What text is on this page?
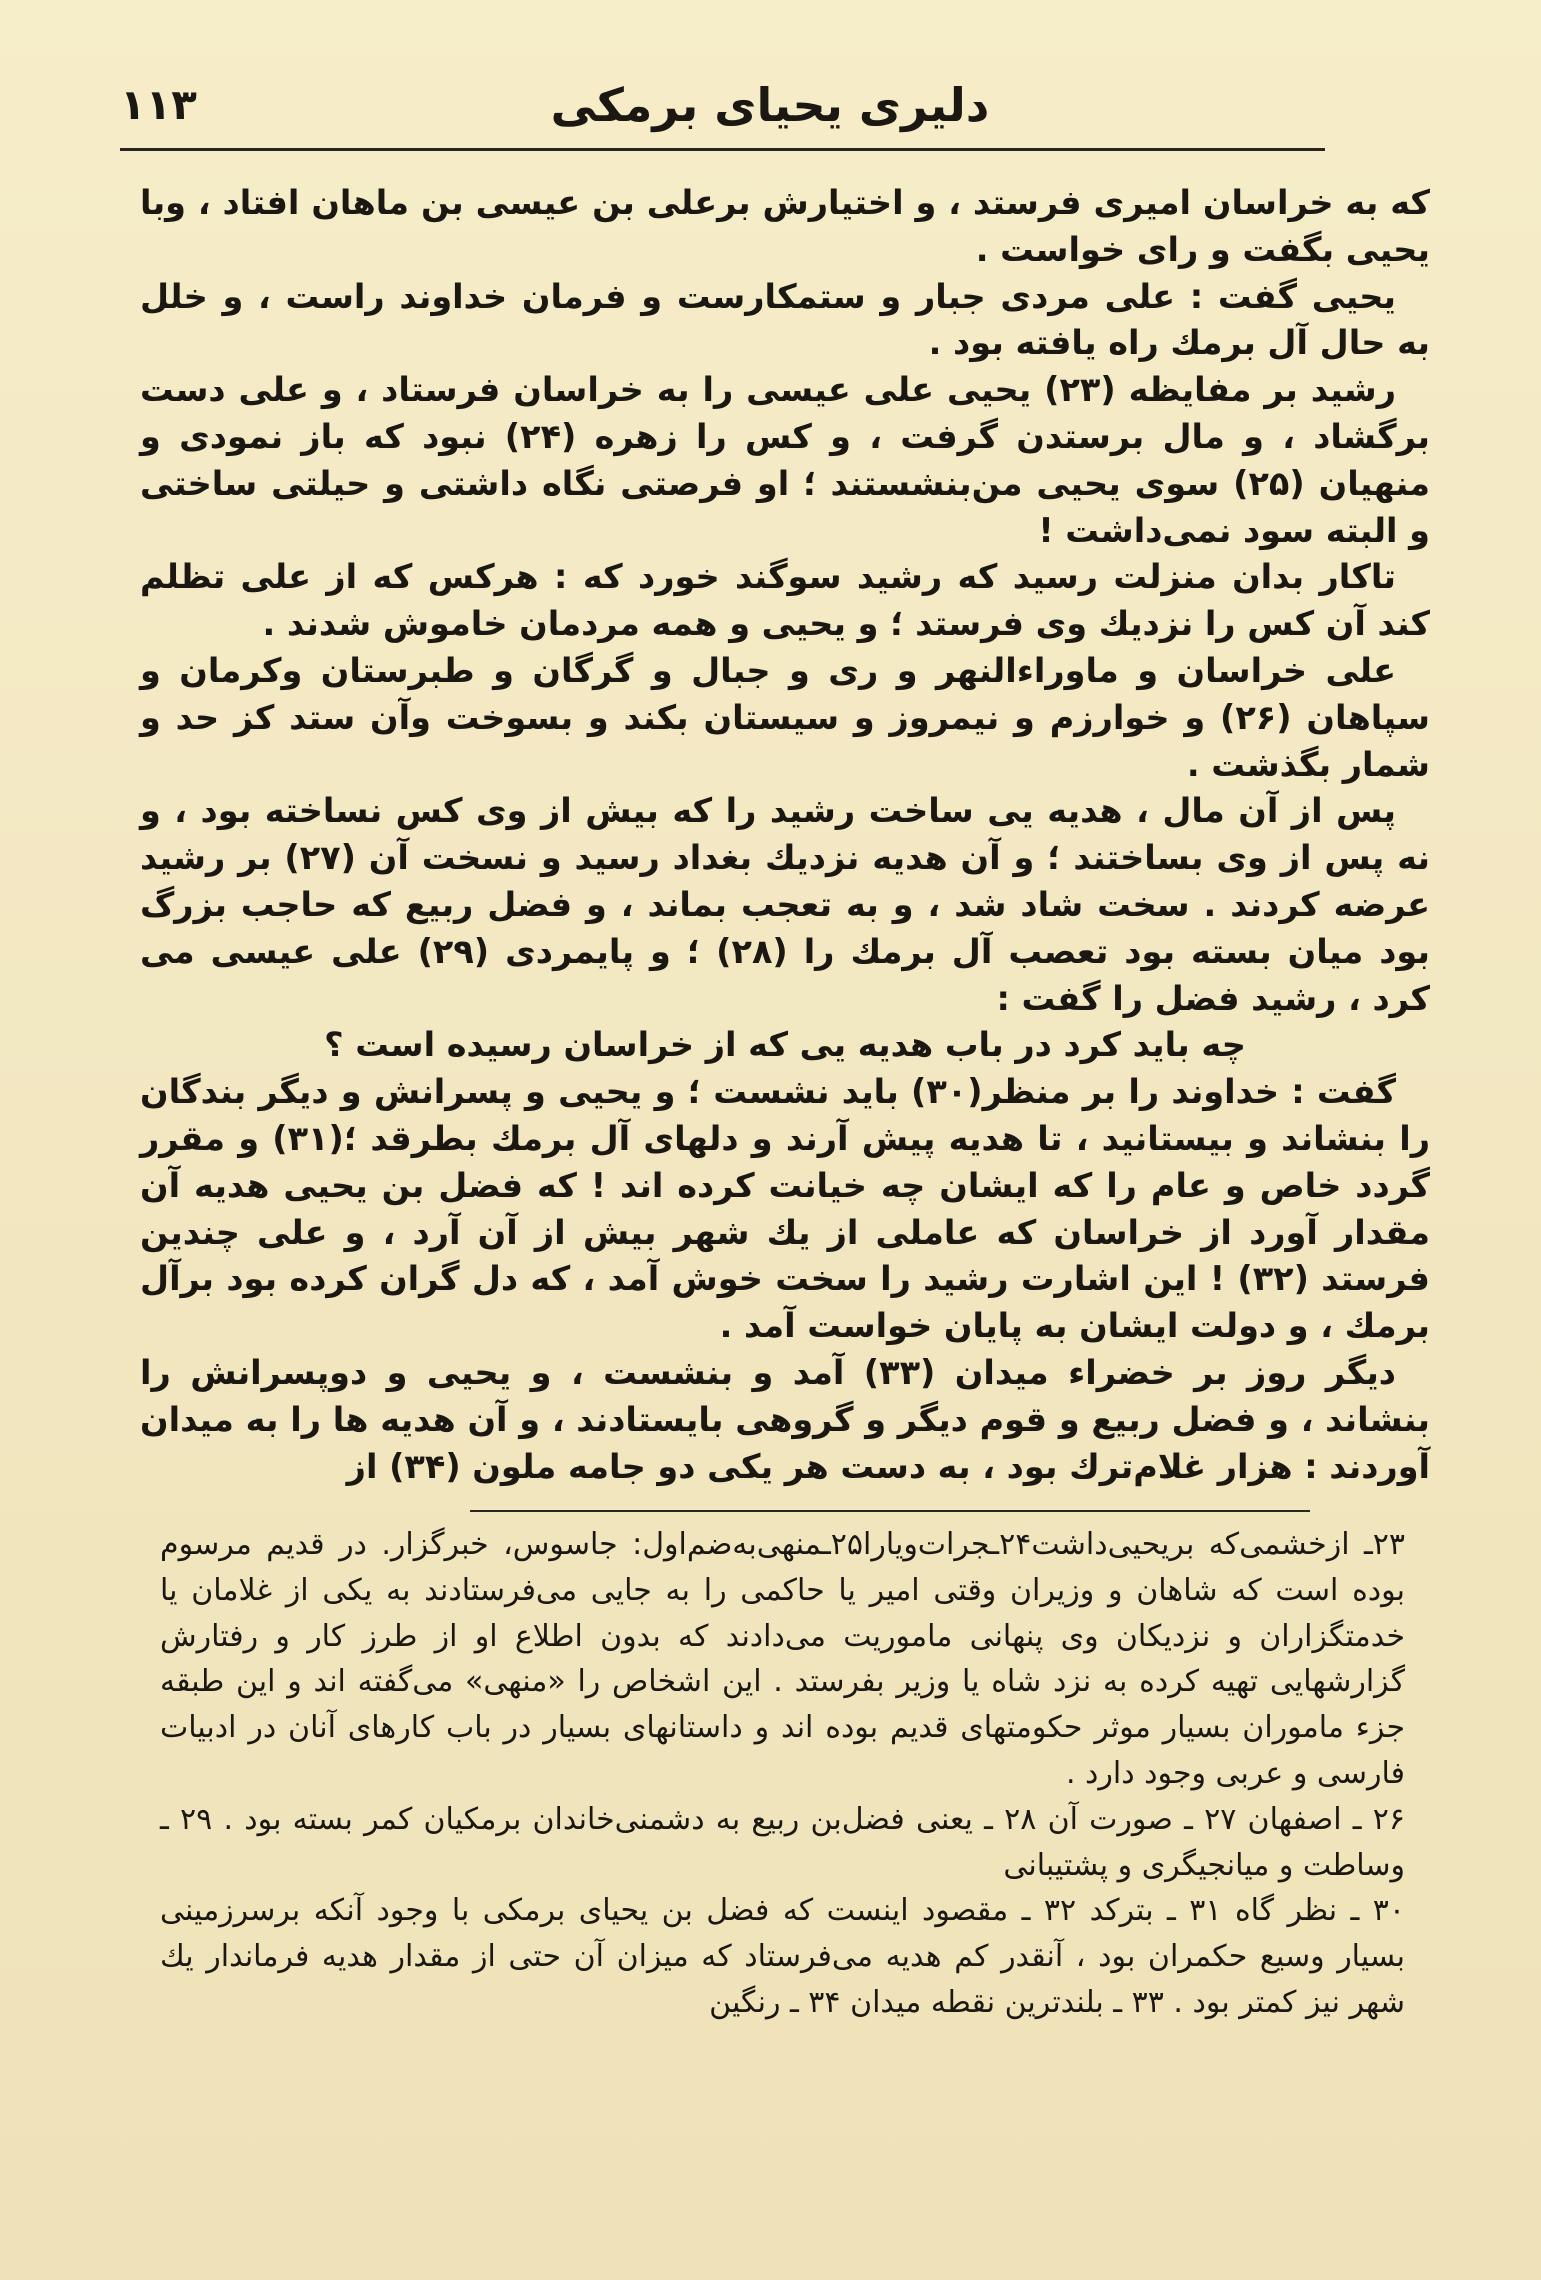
دلیری یحیای برمکی
۱۱۳

که به خراسان امیری فرستد ، و اختیارش برعلی بن عیسی بن ماهان افتاد ، وبا یحیی بگفت و رای خواست .

یحیی گفت : علی مردی جبار و ستمکارست و فرمان خداوند راست ، و خلل به حال آل برمك راه یافته بود .

رشید بر مفایظه (۲۳) یحیی علی عیسی را به خراسان فرستاد ، و علی دست برگشاد ، و مال برستدن گرفت ، و کس را زهره (۲۴) نبود که باز نمودی و منهیان (۲۵) سوی یحیی من‌بنشستند ؛ او فرصتی نگاه داشتی و حیلتی ساختی و البته سود نمی‌داشت !

تاکار بدان منزلت رسید که رشید سوگند خورد که : هرکس که از علی تظلم کند آن کس را نزدیك وی فرستد ؛ و یحیی و همه مردمان خاموش شدند .

علی خراسان و ماوراءالنهر و ری و جبال و گرگان و طبرستان وکرمان و سپاهان (۲۶) و خوارزم و نیمروز و سیستان بکند و بسوخت وآن ستد کز حد و شمار بگذشت .

پس از آن مال ، هدیه یی ساخت رشید را که بیش از وی کس نساخته بود ، و نه پس از وی بساختند ؛ و آن هدیه نزدیك بغداد رسید و نسخت آن (۲۷) بر رشید عرضه کردند . سخت شاد شد ، و به تعجب بماند ، و فضل ربیع که حاجب بزرگ بود میان بسته بود تعصب آل برمك را (۲۸) ؛ و پایمردی (۲۹) علی عیسی می کرد ، رشید فضل را گفت :

چه باید کرد در باب هدیه یی که از خراسان رسیده است ؟

گفت : خداوند را بر منظر(۳۰) باید نشست ؛ و یحیی و پسرانش و دیگر بندگان را بنشاند و بیستانید ، تا هدیه پیش آرند و دلهای آل برمك بطرقد ؛(۳۱) و مقرر گردد خاص و عام را که ایشان چه خیانت کرده اند ! که فضل بن یحیی هدیه آن مقدار آورد از خراسان که عاملی از یك شهر بیش از آن آرد ، و علی چندین فرستد (۳۲) ! این اشارت رشید را سخت خوش آمد ، که دل گران کرده بود برآل برمك ، و دولت ایشان به پایان خواست آمد .

دیگر روز بر خضراء میدان (۳۳) آمد و بنشست ، و یحیی و دوپسرانش را بنشاند ، و فضل ربیع و قوم دیگر و گروهی بایستادند ، و آن هدیه ها را به میدان آوردند : هزار غلام‌ترك بود ، به دست هر یکی دو جامه ملون (۳۴) از

۲۳ـ ازخشمی‌که بریحیی‌داشت۲۴ـجرات‌ویارا۲۵ـمنهی‌به‌ضم‌اول: جاسوس، خبرگزار. در قدیم مرسوم بوده است که شاهان و وزیران وقتی امیر یا حاکمی را به جایی می‌فرستادند به یکی از غلامان یا خدمتگزاران و نزدیکان وی پنهانی ماموریت می‌دادند که بدون اطلاع او از طرز کار و رفتارش گزارشهایی تهیه کرده به نزد شاه یا وزیر بفرستد . این اشخاص را «منهی» می‌گفته اند و این طبقه جزء ماموران بسیار موثر حکومتهای قدیم بوده اند و داستانهای بسیار در باب کارهای آنان در ادبیات فارسی و عربی وجود دارد .

۲۶ ـ اصفهان ۲۷ ـ صورت آن ۲۸ ـ یعنی فضل‌بن ربیع به دشمنی‌خاندان برمکیان کمر بسته بود . ۲۹ ـ وساطت و میانجیگری و پشتیبانی

۳۰ ـ نظر گاه ۳۱ ـ بترکد ۳۲ ـ مقصود اینست که فضل بن یحیای برمکی با وجود آنکه برسرزمینی بسیار وسیع حکمران بود ، آنقدر کم هدیه می‌فرستاد که میزان آن حتی از مقدار هدیه فرماندار یك شهر نیز کمتر بود . ۳۳ ـ بلندترین نقطه میدان ۳۴ ـ رنگین
